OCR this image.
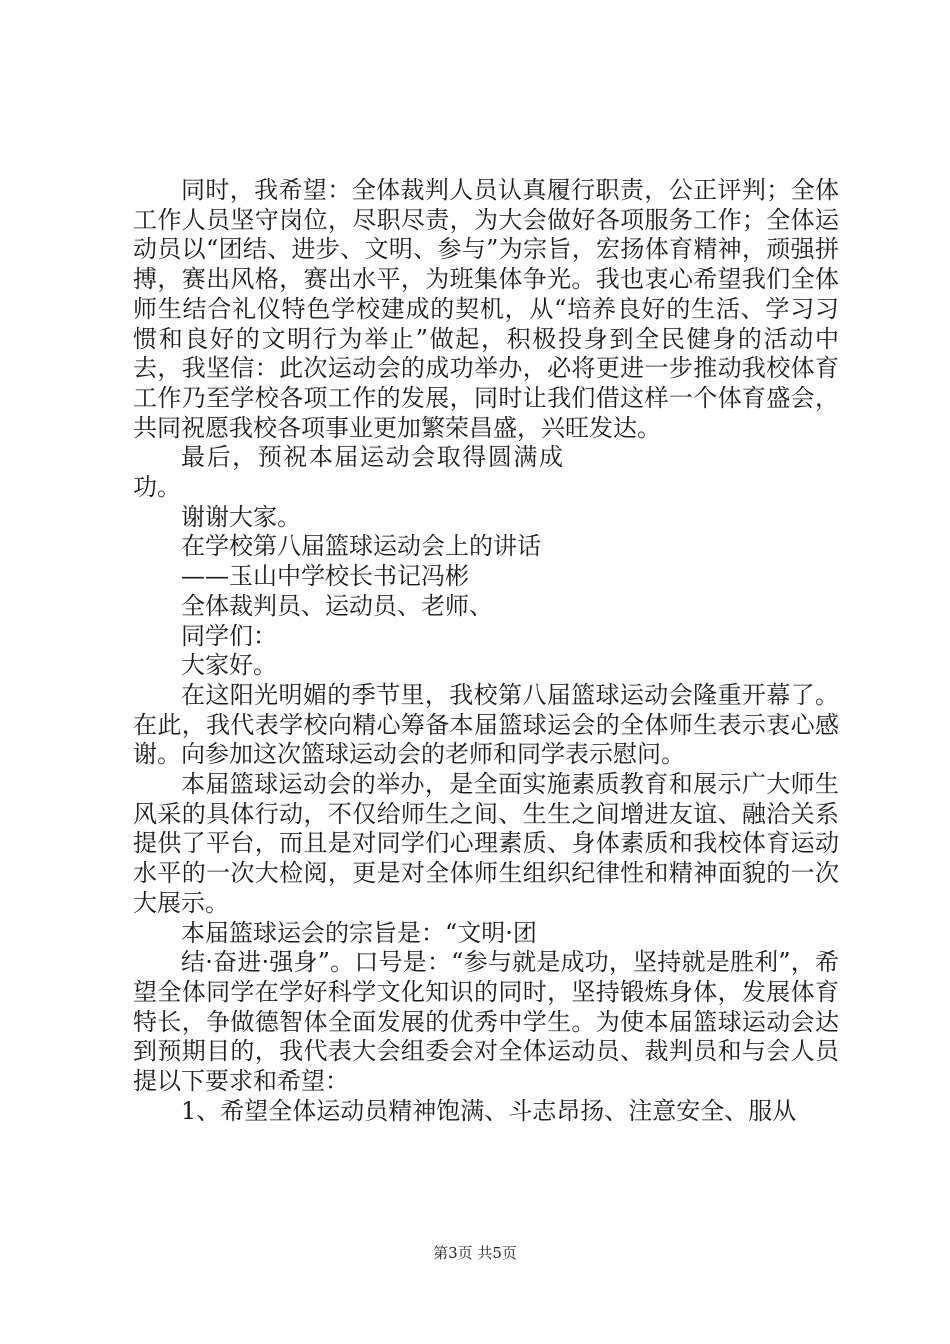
同时，我希望：全体裁判人员认真履行职责，公正评判；全体工作人员坚守岗位，尽职尽责，为大会做好各项服务工作；全体运动员以“团结、进步、文明、参与”为宗旨，宏扬体育精神，顽强拼搏，赛出风格，赛出水平，为班集体争光。我也衷心希望我们全体师生结合礼仪特色学校建成的契机，从“培养良好的生活、学习习惯和良好的文明行为举止”做起，积极投身到全民健身的活动中去，我坚信：此次运动会的成功举办，必将更进一步推动我校体育工作乃至学校各项工作的发展，同时让我们借这样一个体育盛会，共同祝愿我校各项事业更加繁荣昌盛，兴旺发达。

最后，预祝本届运动会取得圆满成功。

谢谢大家。

在学校第八届篮球运动会上的讲话

——玉山中学校长书记冯彬

全体裁判员、运动员、老师、

同学们：

大家好。

在这阳光明媚的季节里，我校第八届篮球运动会隆重开幕了。在此，我代表学校向精心筹备本届篮球运会的全体师生表示衷心感谢。向参加这次篮球运动会的老师和同学表示慰问。

本届篮球运动会的举办，是全面实施素质教育和展示广大师生风采的具体行动，不仅给师生之间、生生之间增进友谊、融洽关系提供了平台，而且是对同学们心理素质、身体素质和我校体育运动水平的一次大检阅，更是对全体师生组织纪律性和精神面貌的一次大展示。

本届篮球运会的宗旨是：“文明·团

结·奋进·强身”。口号是：“参与就是成功，坚持就是胜利”，希望全体同学在学好科学文化知识的同时，坚持锻炼身体，发展体育特长，争做德智体全面发展的优秀中学生。为使本届篮球运动会达到预期目的，我代表大会组委会对全体运动员、裁判员和与会人员提以下要求和希望：

1、希望全体运动员精神饱满、斗志昂扬、注意安全、服从

第3页 共5页
